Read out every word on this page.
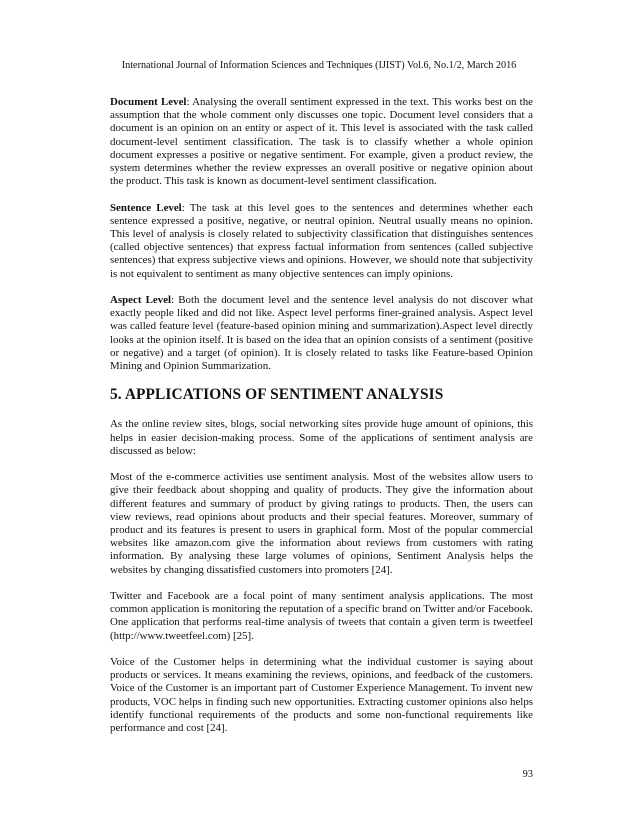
International Journal of Information Sciences and Techniques (IJIST) Vol.6, No.1/2, March 2016

Document Level: Analysing the overall sentiment expressed in the text. This works best on the assumption that the whole comment only discusses one topic. Document level considers that a document is an opinion on an entity or aspect of it. This level is associated with the task called document-level sentiment classification. The task is to classify whether a whole opinion document expresses a positive or negative sentiment. For example, given a product review, the system determines whether the review expresses an overall positive or negative opinion about the product. This task is known as document-level sentiment classification.

Sentence Level: The task at this level goes to the sentences and determines whether each sentence expressed a positive, negative, or neutral opinion. Neutral usually means no opinion. This level of analysis is closely related to subjectivity classification that distinguishes sentences (called objective sentences) that express factual information from sentences (called subjective sentences) that express subjective views and opinions. However, we should note that subjectivity is not equivalent to sentiment as many objective sentences can imply opinions.

Aspect Level: Both the document level and the sentence level analysis do not discover what exactly people liked and did not like. Aspect level performs finer-grained analysis. Aspect level was called feature level (feature-based opinion mining and summarization).Aspect level directly looks at the opinion itself. It is based on the idea that an opinion consists of a sentiment (positive or negative) and a target (of opinion). It is closely related to tasks like Feature-based Opinion Mining and Opinion Summarization.

5. APPLICATIONS OF SENTIMENT ANALYSIS

As the online review sites, blogs, social networking sites provide huge amount of opinions, this helps in easier decision-making process. Some of the applications of sentiment analysis are discussed as below:

Most of the e-commerce activities use sentiment analysis. Most of the websites allow users to give their feedback about shopping and quality of products. They give the information about different features and summary of product by giving ratings to products. Then, the users can view reviews, read opinions about products and their special features. Moreover, summary of product and its features is present to users in graphical form. Most of the popular commercial websites like amazon.com give the information about reviews from customers with rating information. By analysing these large volumes of opinions, Sentiment Analysis helps the websites by changing dissatisfied customers into promoters [24].

Twitter and Facebook are a focal point of many sentiment analysis applications. The most common application is monitoring the reputation of a specific brand on Twitter and/or Facebook. One application that performs real-time analysis of tweets that contain a given term is tweetfeel (http://www.tweetfeel.com) [25].

Voice of the Customer helps in determining what the individual customer is saying about products or services. It means examining the reviews, opinions, and feedback of the customers. Voice of the Customer is an important part of Customer Experience Management. To invent new products, VOC helps in finding such new opportunities. Extracting customer opinions also helps identify functional requirements of the products and some non-functional requirements like performance and cost [24].

93
